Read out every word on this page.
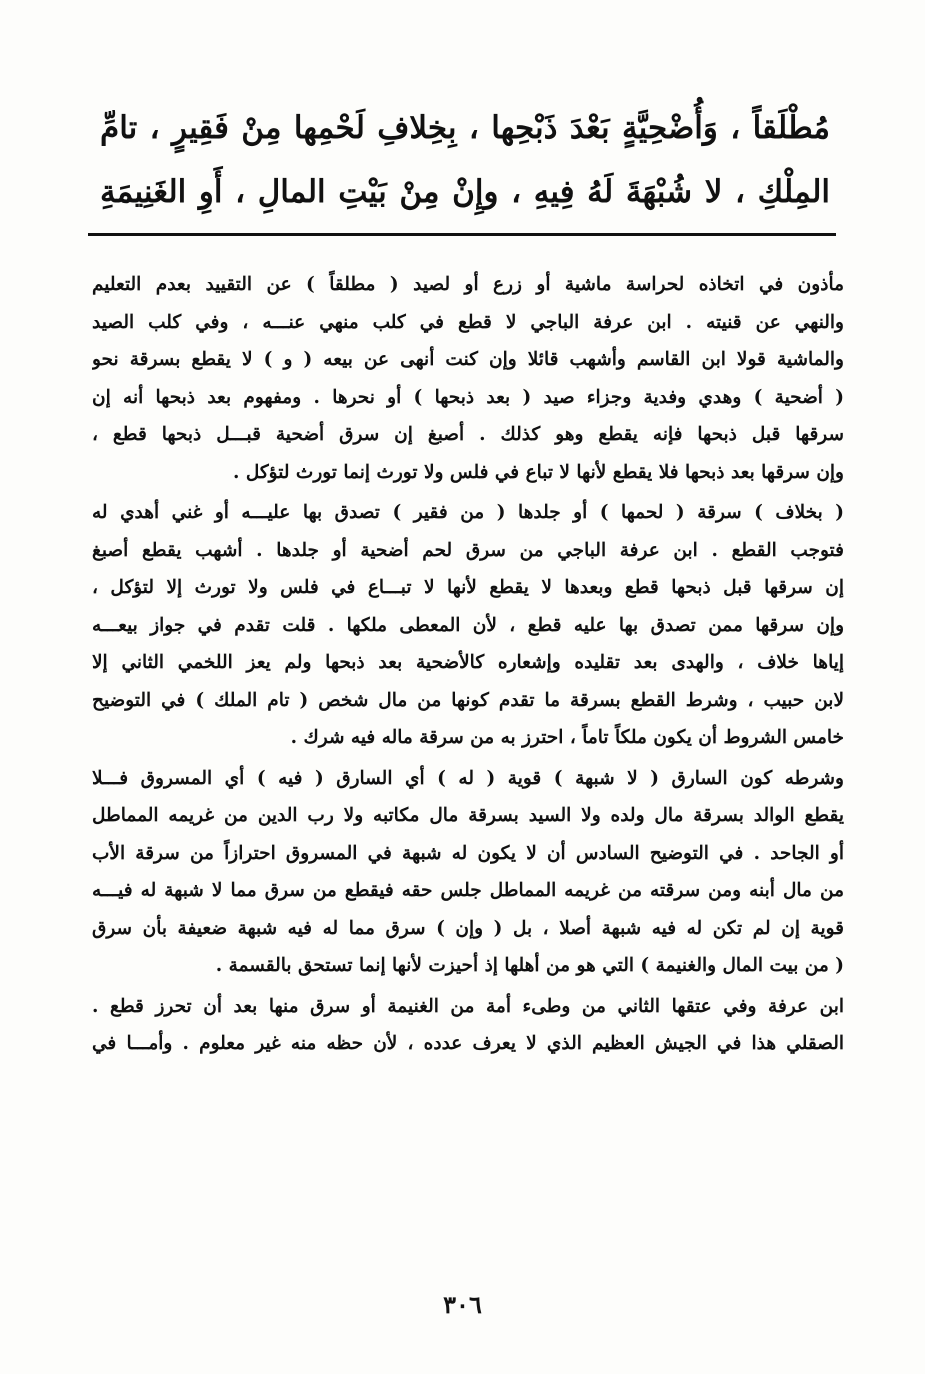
مُطْلَقاً ، وَأُضْحِيَّةٍ بَعْدَ ذَبْحِها ، بِخِلافِ لَحْمِها مِنْ فَقِيرٍ ، تامِّ
المِلْكِ ، لا شُبْهَةَ لَهُ فِيهِ ، وإِنْ مِنْ بَيْتِ المالِ ، أَوِ الغَنِيمَةِ
مأذون في اتخاذه لحراسة ماشية أو زرع أو لصيد ( مطلقاً ) عن التقييد بعدم التعليم
والنهي عن قنيته . ابن عرفة الباجي لا قطع في كلب منهي عنـــه ، وفي كلب الصيد
والماشية قولا ابن القاسم وأشهب قائلا وإن كنت أنهى عن بيعه ( و ) لا يقطع بسرقة نحو
( أضحية ) وهدي وفدية وجزاء صيد ( بعد ذبحها ) أو نحرها . ومفهوم بعد ذبحها أنه إن
سرقها قبل ذبحها فإنه يقطع وهو كذلك . أصبغ إن سرق أضحية قبـــل ذبحها قطع ،
وإن سرقها بعد ذبحها فلا يقطع لأنها لا تباع في فلس ولا تورث إنما تورث لتؤكل .
( بخلاف ) سرقة ( لحمها ) أو جلدها ( من فقير ) تصدق بها عليـــه أو غني أهدي له
فتوجب القطع . ابن عرفة الباجي من سرق لحم أضحية أو جلدها . أشهب يقطع أصبغ
إن سرقها قبل ذبحها قطع وبعدها لا يقطع لأنها لا تبـــاع في فلس ولا تورث إلا لتؤكل ،
وإن سرقها ممن تصدق بها عليه قطع ، لأن المعطى ملكها . قلت تقدم في جواز بيعـــه
إياها خلاف ، والهدى بعد تقليده وإشعاره كالأضحية بعد ذبحها ولم يعز اللخمي الثاني إلا
لابن حبيب ، وشرط القطع بسرقة ما تقدم كونها من مال شخص ( تام الملك ) في التوضيح
خامس الشروط أن يكون ملكاً تاماً ، احترز به من سرقة ماله فيه شرك .
وشرطه كون السارق ( لا شبهة ) قوية ( له ) أي السارق ( فيه ) أي المسروق فـــلا
يقطع الوالد بسرقة مال ولده ولا السيد بسرقة مال مكاتبه ولا رب الدين من غريمه المماطل
أو الجاحد . في التوضيح السادس أن لا يكون له شبهة في المسروق احترازاً من سرقة الأب
من مال أبنه ومن سرقته من غريمه المماطل جلس حقه فيقطع من سرق مما لا شبهة له فيـــه
قوية إن لم تكن له فيه شبهة أصلا ، بل ( وإن ) سرق مما له فيه شبهة ضعيفة بأن سرق
( من بيت المال والغنيمة ) التي هو من أهلها إذ أحيزت لأنها إنما تستحق بالقسمة .
ابن عرفة وفي عتقها الثاني من وطىء أمة من الغنيمة أو سرق منها بعد أن تحرز قطع .
الصقلي هذا في الجيش العظيم الذي لا يعرف عدده ، لأن حظه منه غير معلوم . وأمـــا في
٣٠٦
